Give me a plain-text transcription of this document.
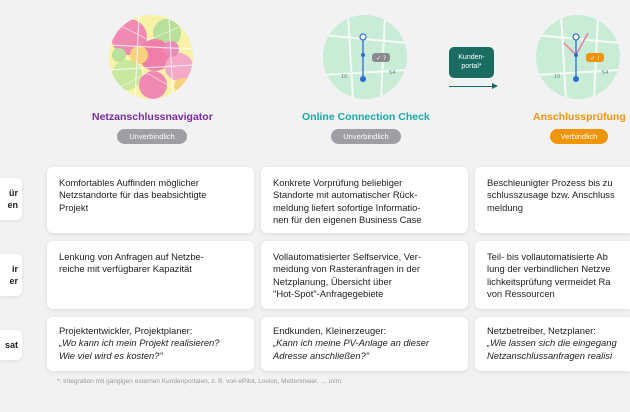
Netzanschlussnavigator
Unverbindlich
✓ ?
10
54
Online Connection Check
Unverbindlich
Kunden-
portal*
✓ !
10
54
Anschlussprüfung
Verbindlich
ür
en
ir
er
sat
Komfortables Auffinden möglicher
Netzstandorte für das beabsichtigte
Projekt
Konkrete Vorprüfung beliebiger
Standorte mit automatischer Rück-
meldung liefert sofortige Informatio-
nen für den eigenen Business Case
Beschleunigter Prozess bis zu
schlusszusage bzw. Anschluss
meldung
Lenkung von Anfragen auf Netzbe-
reiche mit verfügbarer Kapazität
Vollautomatisierter Selfservice, Ver-
meidung von Rasteranfragen in der
Netzplanung, Übersicht über
"Hot-Spot"-Anfragegebiete
Teil- bis vollautomatisierte Ab
lung der verbindlichen Netzve
lichkeitsprüfung vermeidet Ra
von Ressourcen
Projektentwickler, Projektplaner:
„Wo kann ich mein Projekt realisieren?
Wie viel wird es kosten?"
Endkunden, Kleinerzeuger:
„Kann ich meine PV-Anlage an dieser
Adresse anschließen?"
Netzbetreiber, Netzplaner:
„Wie lassen sich die eingegang
Netzanschlussanfragen realisi
*: Integration mit gängigen externen Kundenportalen, z. B. von ePilot, Lovion, Mettenmeier, … uvm.
